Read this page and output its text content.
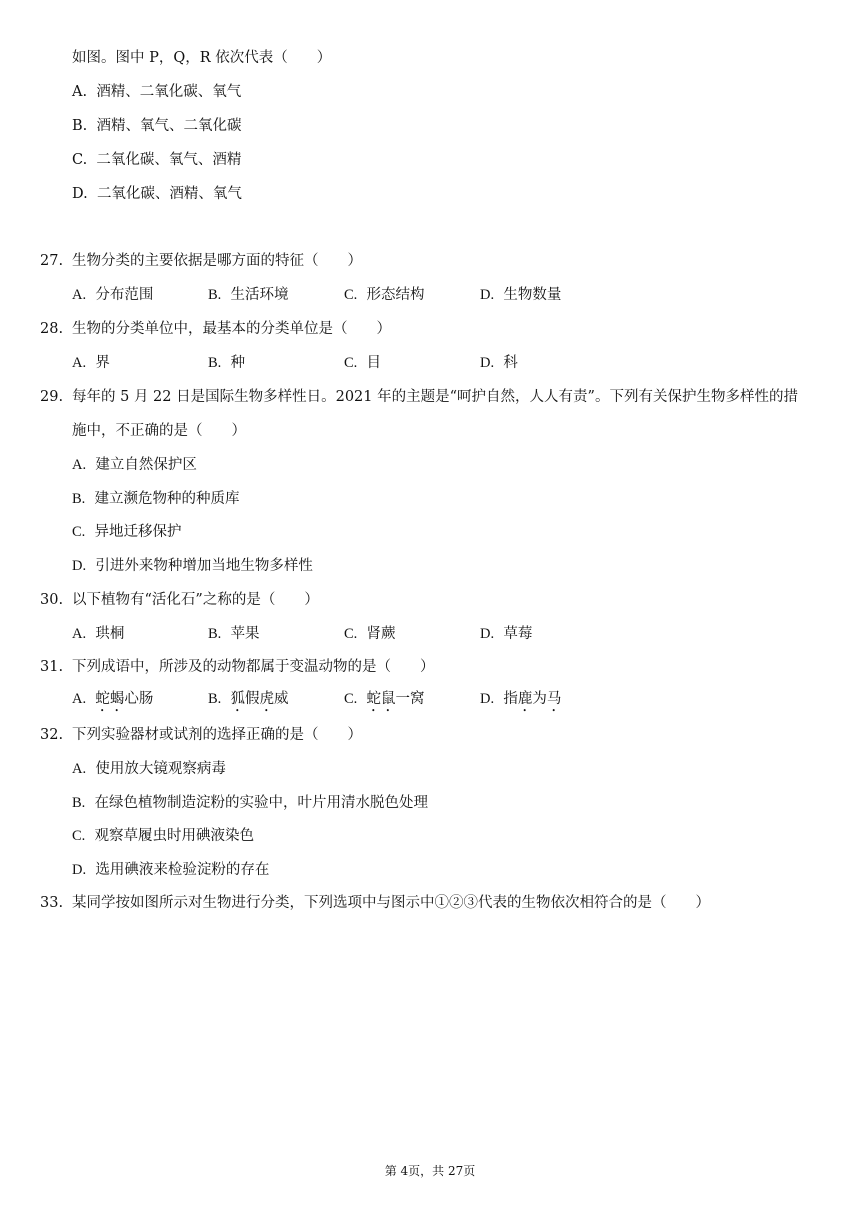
如图。图中 P，Q，R 依次代表（　　）
A. 酒精、二氧化碳、氧气
B. 酒精、氧气、二氧化碳
C. 二氧化碳、氧气、酒精
D. 二氧化碳、酒精、氧气
27. 生物分类的主要依据是哪方面的特征（　　）
A. 分布范围	B. 生活环境	C. 形态结构	D. 生物数量
28. 生物的分类单位中，最基本的分类单位是（　　）
A. 界	B. 种	C. 目	D. 科
29. 每年的 5 月 22 日是国际生物多样性日。2021 年的主题是“呵护自然，人人有责”。下列有关保护生物多样性的措
施中，不正确的是（　　）
A. 建立自然保护区
B. 建立濒危物种的种质库
C. 异地迁移保护
D. 引进外来物种增加当地生物多样性
30. 以下植物有“活化石”之称的是（　　）
A. 珙桐	B. 苹果	C. 肾蕨	D. 草莓
31. 下列成语中，所涉及的动物都属于变温动物的是（　　）
A. 蛇蝎心肠	B. 狐假虎威	C. 蛇鼠一窝	D. 指鹿为马
32. 下列实验器材或试剂的选择正确的是（　　）
A. 使用放大镜观察病毒
B. 在绿色植物制造淀粉的实验中，叶片用清水脱色处理
C. 观察草履虫时用碘液染色
D. 选用碘液来检验淀粉的存在
33. 某同学按如图所示对生物进行分类，下列选项中与图示中①②③代表的生物依次相符合的是（　　）
第 4页，共 27页
